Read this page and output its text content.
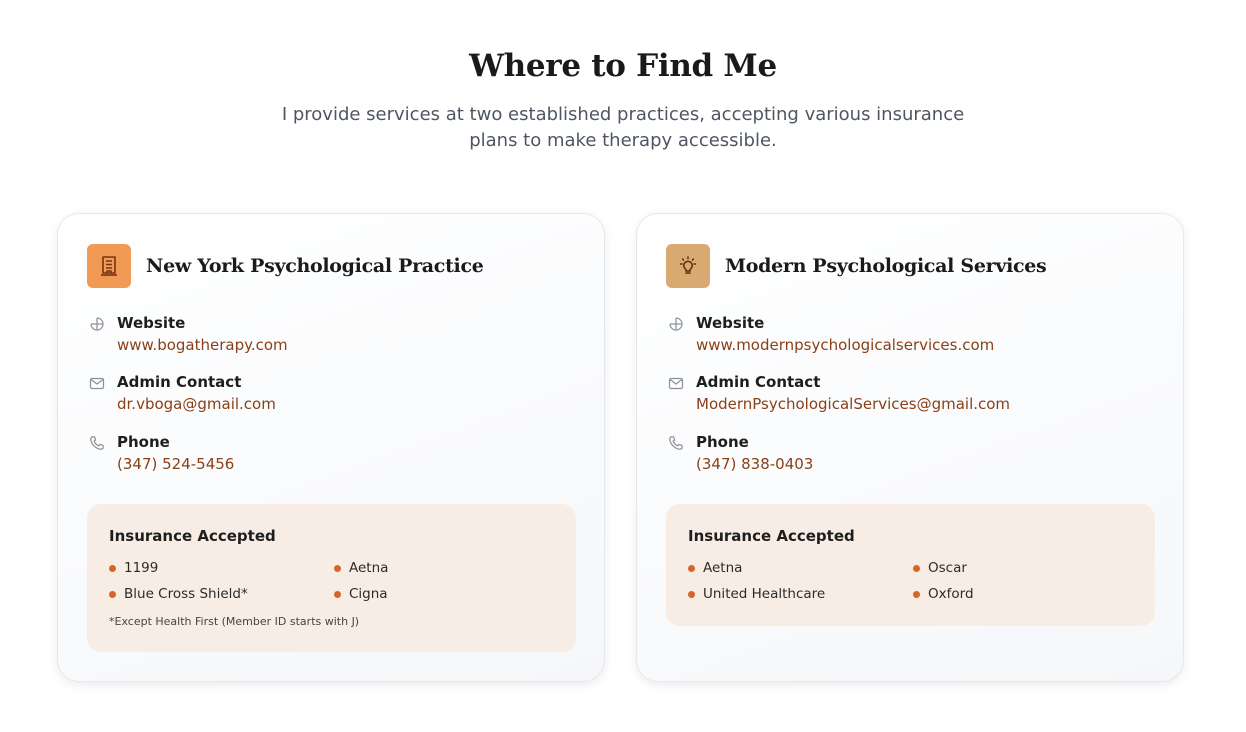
Where to Find Me
I provide services at two established practices, accepting various insurance
plans to make therapy accessible.
New York Psychological Practice
Website
www.bogatherapy.com
Admin Contact
dr.vboga@gmail.com
Phone
(347) 524-5456
Insurance Accepted
1199	Aetna
Blue Cross Shield*	Cigna
*Except Health First (Member ID starts with J)
Modern Psychological Services
Website
www.modernpsychologicalservices.com
Admin Contact
ModernPsychologicalServices@gmail.com
Phone
(347) 838-0403
Insurance Accepted
Aetna	Oscar
United Healthcare	Oxford
